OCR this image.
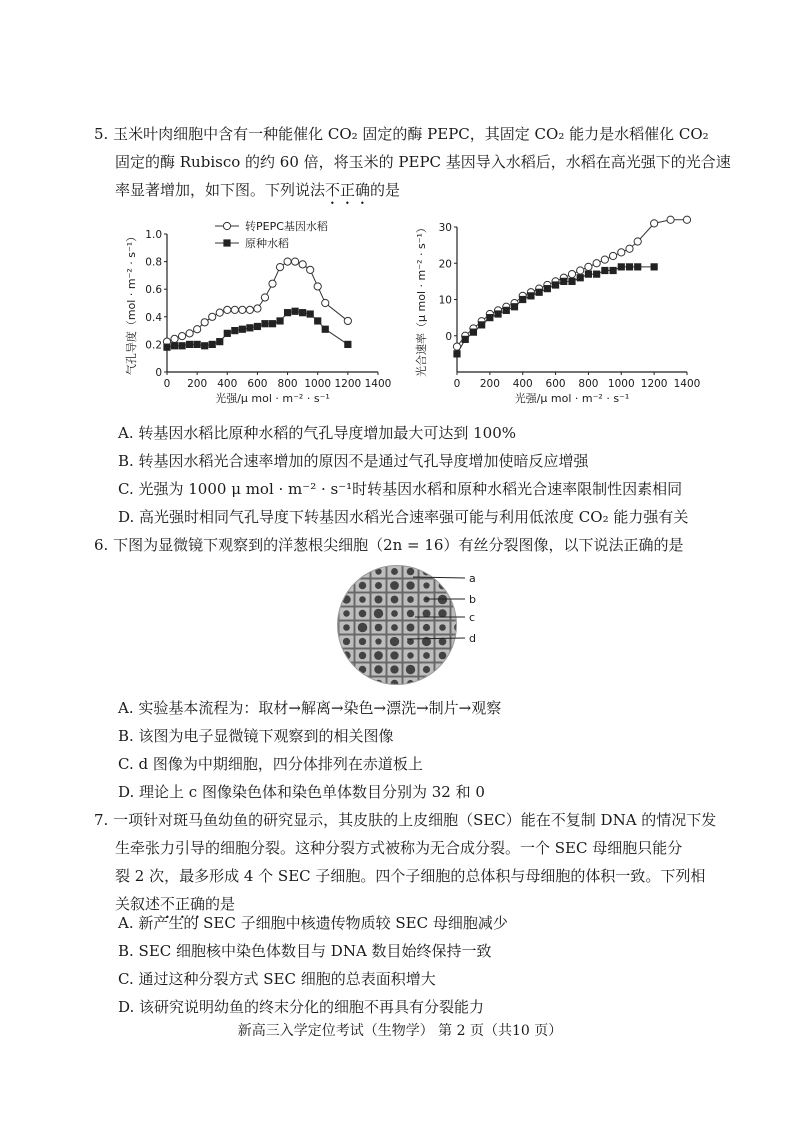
5. 玉米叶肉细胞中含有一种能催化 CO₂ 固定的酶 PEPC，其固定 CO₂ 能力是水稻催化 CO₂
固定的酶 Rubisco 的约 60 倍，将玉米的 PEPC 基因导入水稻后，水稻在高光强下的光合速
率显著增加，如下图。下列说法不正确的是
0 200 400 600 800 1000 1200 1400
0
0.2
0.4
0.6
0.8
1.0
光强/μ mol · m⁻² · s⁻¹
气孔导度（mol · m⁻² · s⁻¹）
转PEPC基因水稻
原种水稻
0 200 400 600 800 1000 1200 1400
0
10
20
30
光强/μ mol · m⁻² · s⁻¹
光合速率（μ mol · m⁻² · s⁻¹）
A. 转基因水稻比原种水稻的气孔导度增加最大可达到 100%
B. 转基因水稻光合速率增加的原因不是通过气孔导度增加使暗反应增强
C. 光强为 1000 μ mol · m⁻² · s⁻¹时转基因水稻和原种水稻光合速率限制性因素相同
D. 高光强时相同气孔导度下转基因水稻光合速率强可能与利用低浓度 CO₂ 能力强有关
6. 下图为显微镜下观察到的洋葱根尖细胞（2n = 16）有丝分裂图像，以下说法正确的是
a
b
c
d
A. 实验基本流程为：取材→解离→染色→漂洗→制片→观察
B. 该图为电子显微镜下观察到的相关图像
C. d 图像为中期细胞，四分体排列在赤道板上
D. 理论上 c 图像染色体和染色单体数目分别为 32 和 0
7. 一项针对斑马鱼幼鱼的研究显示，其皮肤的上皮细胞（SEC）能在不复制 DNA 的情况下发
生牵张力引导的细胞分裂。这种分裂方式被称为无合成分裂。一个 SEC 母细胞只能分
裂 2 次，最多形成 4 个 SEC 子细胞。四个子细胞的总体积与母细胞的体积一致。下列相
关叙述不正确的是
A. 新产生的 SEC 子细胞中核遗传物质较 SEC 母细胞减少
B. SEC 细胞核中染色体数目与 DNA 数目始终保持一致
C. 通过这种分裂方式 SEC 细胞的总表面积增大
D. 该研究说明幼鱼的终末分化的细胞不再具有分裂能力
新高三入学定位考试（生物学） 第 2 页（共10 页）
